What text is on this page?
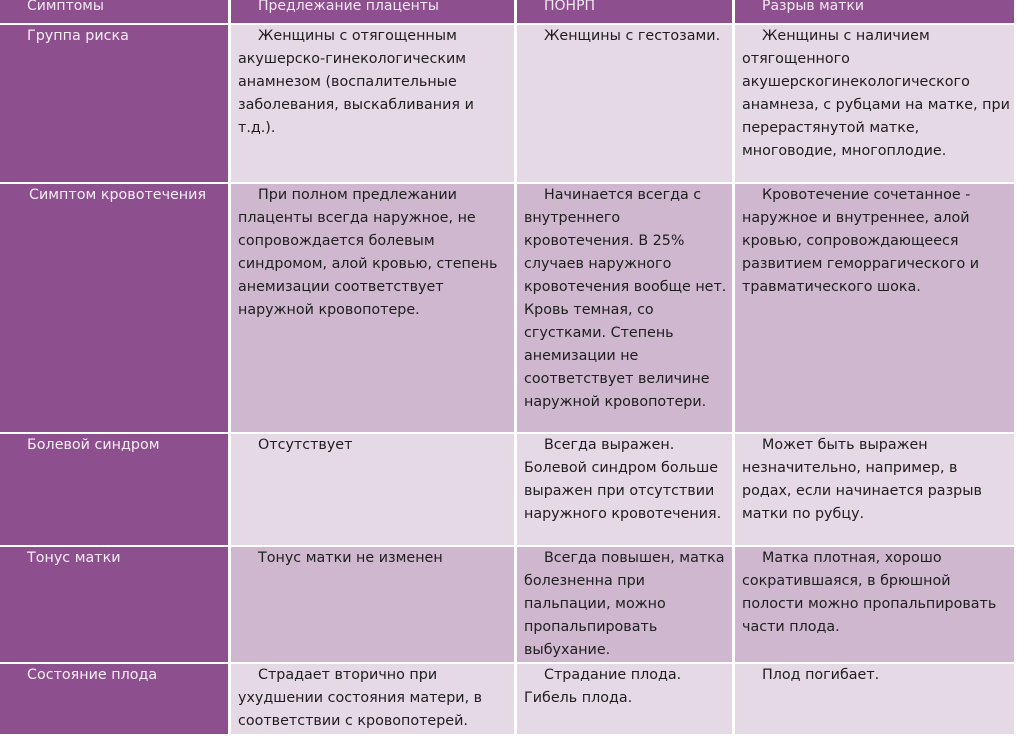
Симптомы	Предлежание плаценты	ПОНРП	Разрыв матки

Группа риска	Женщины с отягощенным акушерско-гинекологическим анамнезом (воспалительные заболевания, выскабливания и т.д.).	Женщины с гестозами.	Женщины с наличием отягощенного акушерскогинекологического анамнеза, с рубцами на матке, при перерастянутой матке, многоводие, многоплодие.
Симптом кровотечения	При полном предлежании плаценты всегда наружное, не сопровождается болевым синдромом, алой кровью, степень анемизации соответствует наружной кровопотере.	Начинается всегда с внутреннего кровотечения. В 25% случаев наружного кровотечения вообще нет. Кровь темная, со сгустками. Степень анемизации не соответствует величине наружной кровопотери.	Кровотечение сочетанное - наружное и внутреннее, алой кровью, сопровождающееся развитием геморрагического и травматического шока.
Болевой синдром	Отсутствует	Всегда выражен. Болевой синдром больше выражен при отсутствии наружного кровотечения.	Может быть выражен незначительно, например, в родах, если начинается разрыв матки по рубцу.
Тонус матки	Тонус матки не изменен	Всегда повышен, матка болезненна при пальпации, можно пропальпировать выбухание.	Матка плотная, хорошо сократившаяся, в брюшной полости можно пропальпировать части плода.
Состояние плода	Страдает вторично при ухудшении состояния матери, в соответствии с кровопотерей.	Страдание плода. Гибель плода.	Плод погибает.
